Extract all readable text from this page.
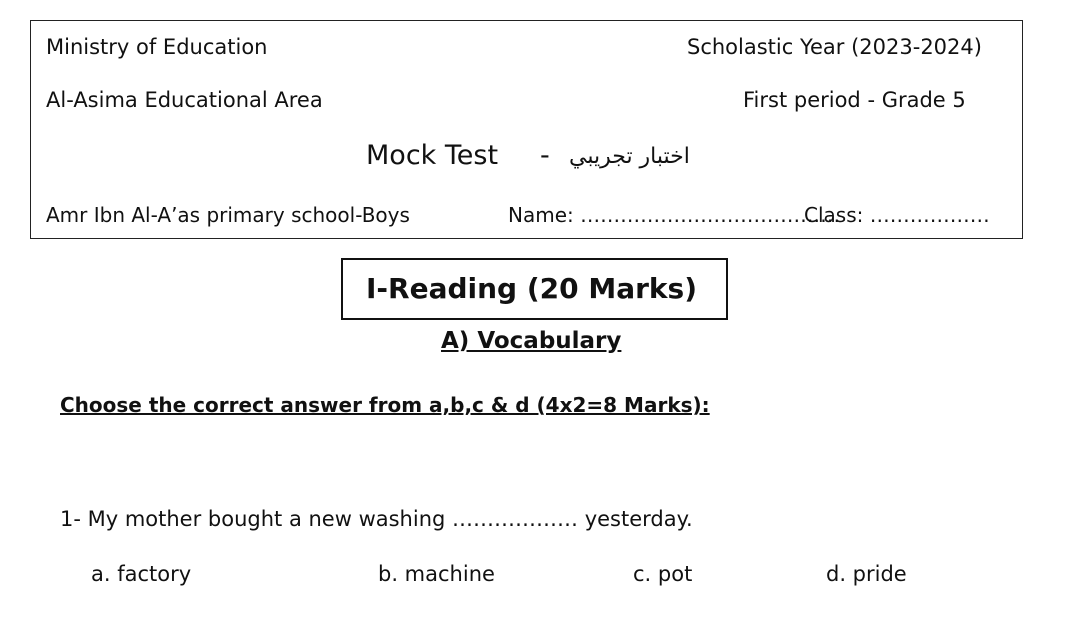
Ministry of Education	Scholastic Year (2023-2024)
Al-Asima Educational Area	First period - Grade 5
Mock Test - اختبار تجريبي
Amr Ibn Al-A’as primary school-Boys	Name: …………………………………
Class: ………………
I-Reading (20 Marks)
A) Vocabulary
Choose the correct answer from a,b,c & d (4x2=8 Marks):
1- My mother bought a new washing ……………… yesterday.
a. factory	b. machine	c. pot	d. pride
